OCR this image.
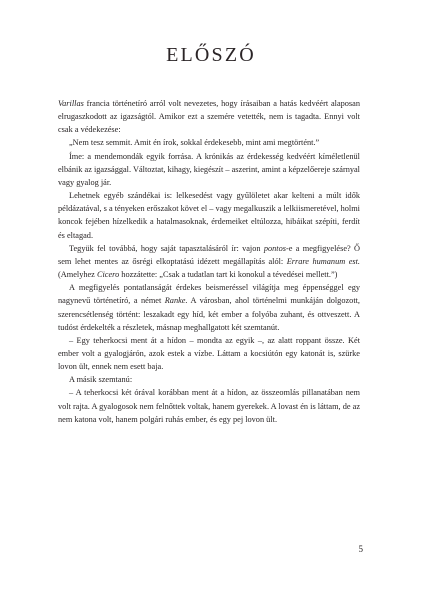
ELŐSZÓ

Varillas francia történetíró arról volt nevezetes, hogy írásaiban a hatás kedvéért alaposan elrugaszkodott az igazságtól. Amikor ezt a szemére vetették, nem is tagadta. Ennyi volt csak a védekezése:

„Nem tesz semmit. Amit én írok, sokkal érdekesebb, mint ami megtörtént.”

Íme: a mendemondák egyik forrása. A krónikás az érdekesség kedvéért kíméletlenül elbánik az igazsággal. Változtat, kihagy, kiegészít – aszerint, amint a képzelőereje szárnyal vagy gyalog jár.

Lehetnek egyéb szándékai is: lelkesedést vagy gyűlöletet akar kelteni a múlt idők példázatával, s a tényeken erőszakot követ el – vagy megalkuszik a lelkiismeretével, holmi koncok fejében hízelkedik a hatalmasoknak, érdemeiket eltúlozza, hibáikat szépíti, ferdít és eltagad.

Tegyük fel továbbá, hogy saját tapasztalásáról ír: vajon pontos-e a megfigyelése? Ő sem lehet mentes az ősrégi elkoptatású idézett megállapítás alól: Errare humanum est. (Amelyhez Cicero hozzátette: „Csak a tudatlan tart ki konokul a tévedései mellett.”)

A megfigyelés pontatlanságát érdekes beismeréssel világítja meg éppenséggel egy nagynevű történetíró, a német Ranke. A városban, ahol történelmi munkáján dolgozott, szerencsétlenség történt: leszakadt egy híd, két ember a folyóba zuhant, és ottveszett. A tudóst érdekelték a részletek, másnap meghallgatott két szemtanút.

– Egy teherkocsi ment át a hídon – mondta az egyik –, az alatt roppant össze. Két ember volt a gyalogjárón, azok estek a vízbe. Láttam a kocsiútón egy katonát is, szürke lovon ült, ennek nem esett baja.

A másik szemtanú:

– A teherkocsi két órával korábban ment át a hídon, az összeomlás pillanatában nem volt rajta. A gyalogosok nem felnőttek voltak, hanem gyerekek. A lovast én is láttam, de az nem katona volt, hanem polgári ruhás ember, és egy pej lovon ült.

5
